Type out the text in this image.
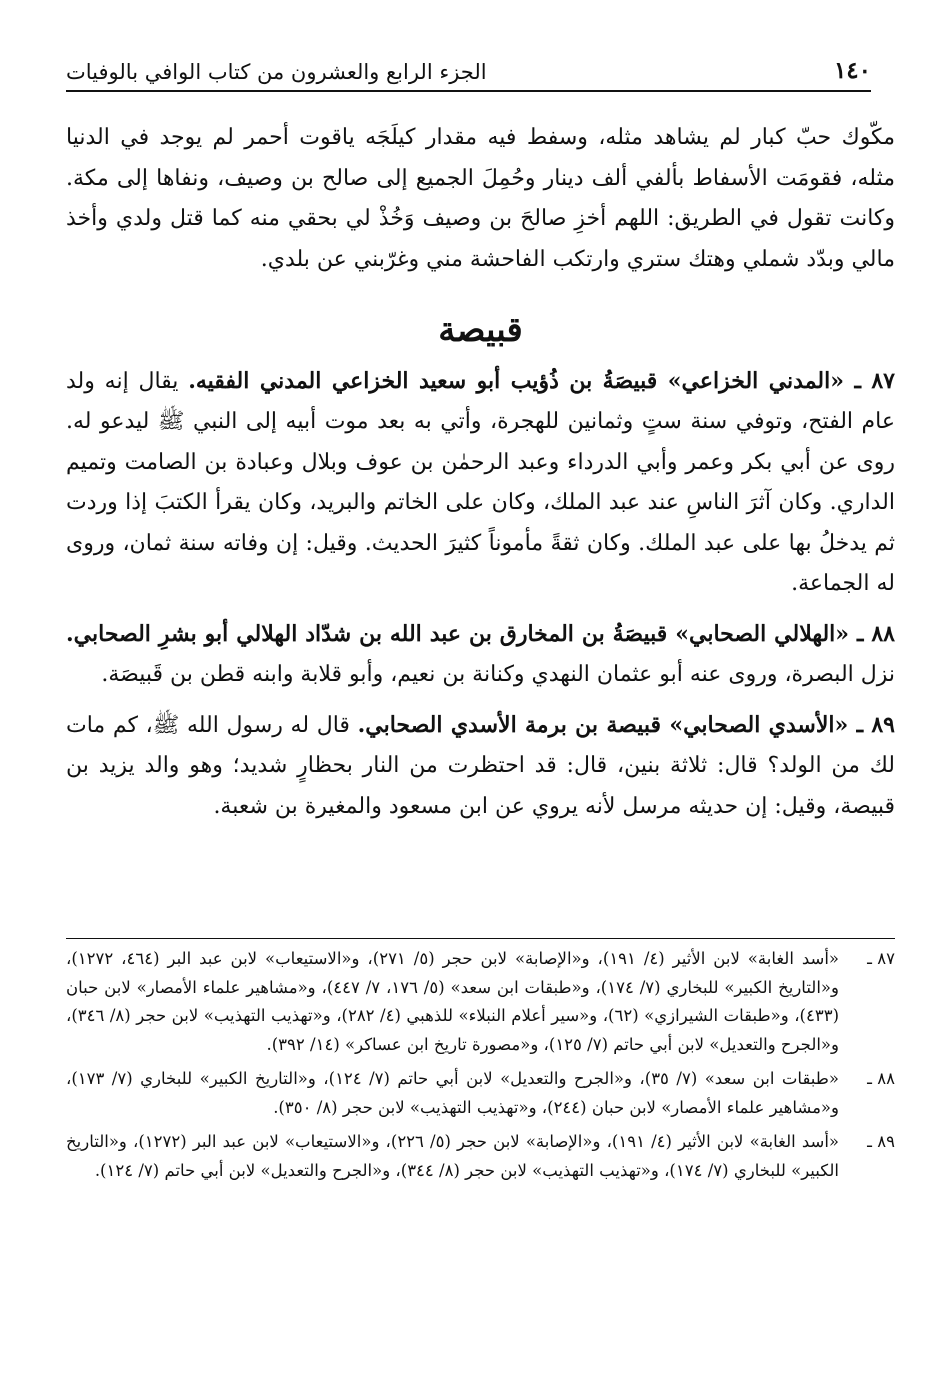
١٤٠
الجزء الرابع والعشرون من كتاب الوافي بالوفيات

مكّوك حبّ كبار لم يشاهد مثله، وسفط فيه مقدار كيلَجَه ياقوت أحمر لم يوجد في الدنيا مثله، فقومَت الأسفاط بألفي ألف دينار وحُمِلَ الجميع إلى صالح بن وصيف، ونفاها إلى مكة. وكانت تقول في الطريق: اللهم أخزِ صالحَ بن وصيف وَخُذْ لي بحقي منه كما قتل ولدي وأخذ مالي وبدّد شملي وهتك ستري وارتكب الفاحشة مني وغرّبني عن بلدي.

قبيصة

٨٧ ـ «المدني الخزاعي» قبيصَةُ بن ذُؤيب أبو سعيد الخزاعي المدني الفقيه. يقال إنه ولد عام الفتح، وتوفي سنة ستٍ وثمانين للهجرة، وأتي به بعد موت أبيه إلى النبي ﷺ ليدعو له. روى عن أبي بكر وعمر وأبي الدرداء وعبد الرحمٰن بن عوف وبلال وعبادة بن الصامت وتميم الداري. وكان آثرَ الناسِ عند عبد الملك، وكان على الخاتم والبريد، وكان يقرأ الكتبَ إذا وردت ثم يدخلُ بها على عبد الملك. وكان ثقةً مأموناً كثيرَ الحديث. وقيل: إن وفاته سنة ثمان، وروى له الجماعة.

٨٨ ـ «الهلالي الصحابي» قبيصَةُ بن المخارق بن عبد الله بن شدّاد الهلالي أبو بشرِ الصحابي. نزل البصرة، وروى عنه أبو عثمان النهدي وكنانة بن نعيم، وأبو قلابة وابنه قطن بن قَبيصَة.

٨٩ ـ «الأسدي الصحابي» قبيصة بن برمة الأسدي الصحابي. قال له رسول الله ﷺ، كم مات لك من الولد؟ قال: ثلاثة بنين، قال: قد احتظرت من النار بحظارٍ شديد؛ وهو والد يزيد بن قبيصة، وقيل: إن حديثه مرسل لأنه يروي عن ابن مسعود والمغيرة بن شعبة.

٨٧ ـ
«أسد الغابة» لابن الأثير (٤/ ١٩١)، و«الإصابة» لابن حجر (٥/ ٢٧١)، و«الاستيعاب» لابن عبد البر (٤٦٤، ١٢٧٢)، و«التاريخ الكبير» للبخاري (٧/ ١٧٤)، و«طبقات ابن سعد» (٥/ ١٧٦، ٧/ ٤٤٧)، و«مشاهير علماء الأمصار» لابن حبان (٤٣٣)، و«طبقات الشيرازي» (٦٢)، و«سير أعلام النبلاء» للذهبي (٤/ ٢٨٢)، و«تهذيب التهذيب» لابن حجر (٨/ ٣٤٦)، و«الجرح والتعديل» لابن أبي حاتم (٧/ ١٢٥)، و«مصورة تاريخ ابن عساكر» (١٤/ ٣٩٢).
٨٨ ـ
«طبقات ابن سعد» (٧/ ٣٥)، و«الجرح والتعديل» لابن أبي حاتم (٧/ ١٢٤)، و«التاريخ الكبير» للبخاري (٧/ ١٧٣)، و«مشاهير علماء الأمصار» لابن حبان (٢٤٤)، و«تهذيب التهذيب» لابن حجر (٨/ ٣٥٠).
٨٩ ـ
«أسد الغابة» لابن الأثير (٤/ ١٩١)، و«الإصابة» لابن حجر (٥/ ٢٢٦)، و«الاستيعاب» لابن عبد البر (١٢٧٢)، و«التاريخ الكبير» للبخاري (٧/ ١٧٤)، و«تهذيب التهذيب» لابن حجر (٨/ ٣٤٤)، و«الجرح والتعديل» لابن أبي حاتم (٧/ ١٢٤).
